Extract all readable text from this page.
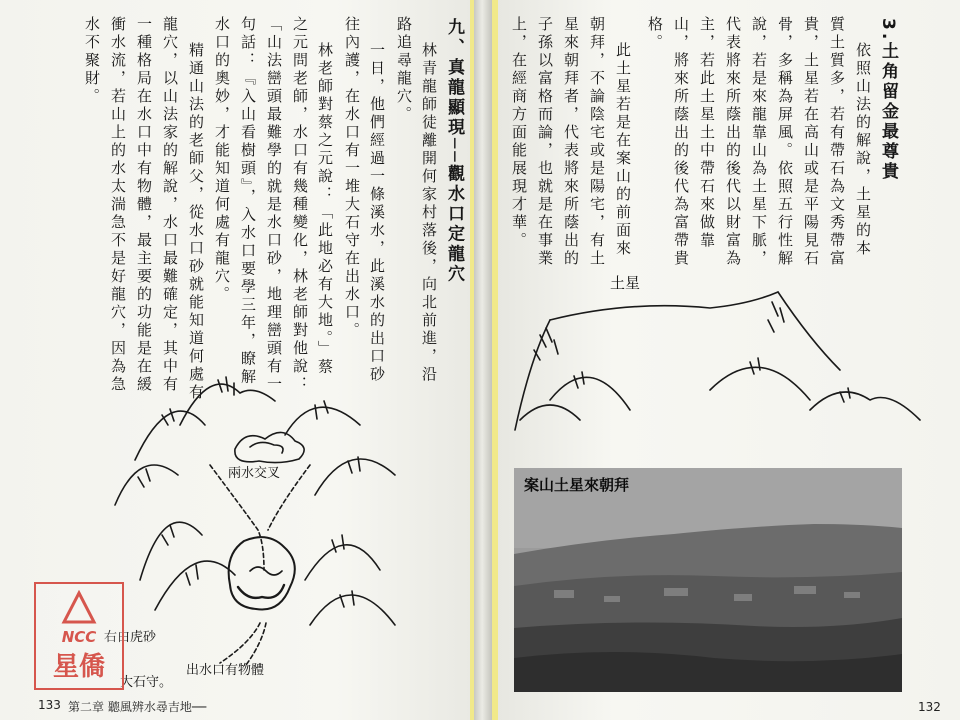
九、真龍顯現──觀水口定龍穴
林青龍師徒離開何家村落後，向北前進，沿
路追尋龍穴。
一日，他們經過一條溪水，此溪水的出口砂
往內護，在水口有一堆大石守在出水口。
林老師對蔡之元說：「此地必有大地。」蔡
之元問老師，水口有幾種變化，林老師對他說：
「山法巒頭最難學的就是水口砂，地理巒頭有一
句話：『入山看樹頭』，入水口要學三年，瞭解
水口的奧妙，才能知道何處有龍穴。
精通山法的老師父，從水口砂就能知道何處有
龍穴，以山法家的解說，水口最難確定，其中有
一種格局在水口中有物體，最主要的功能是在緩
衝水流，若山上的水太湍急不是好龍穴，因為急
水不聚財。
兩水交叉
右白虎砂
出水口有物體
大石守。
133 第二章 聽風辨水尋吉地──
NCC
星僑
3.土角留金最尊貴
依照山法的解說，土星的本
質土質多，若有帶石為文秀帶富
貴，土星若在高山或是平陽見石
骨，多稱為屏風。依照五行性解
說，若是來龍靠山為土星下脈，
代表將來所蔭出的後代以財富為
主，若此土星土中帶石來做靠
山，將來所蔭出的後代為富帶貴
格。
此土星若是在案山的前面來
朝拜，不論陰宅或是陽宅，有土
星來朝拜者，代表將來所蔭出的
子孫以富格而論，也就是在事業
上，在經商方面能展現才華。
土星
案山土星來朝拜
132
